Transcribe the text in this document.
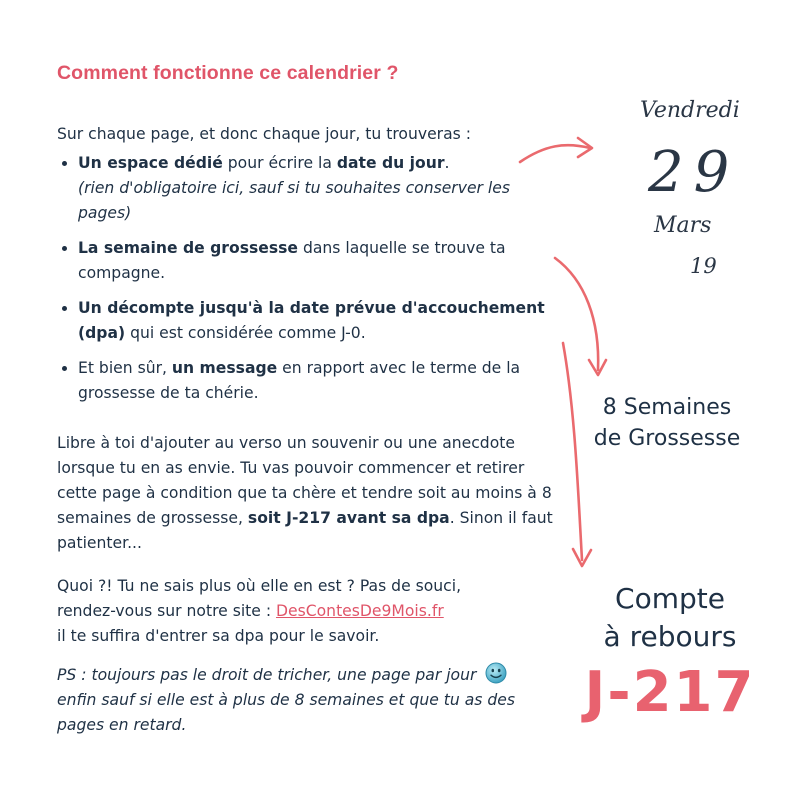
Comment fonctionne ce calendrier ?
Sur chaque page, et donc chaque jour, tu trouveras :
Un espace dédié pour écrire la date du jour.
(rien d'obligatoire ici, sauf si tu souhaites conserver les pages)
La semaine de grossesse dans laquelle se trouve ta compagne.
Un décompte jusqu'à la date prévue d'accouchement (dpa) qui est considérée comme J-0.
Et bien sûr, un message en rapport avec le terme de la grossesse de ta chérie.
Libre à toi d'ajouter au verso un souvenir ou une anecdote lorsque tu en as envie. Tu vas pouvoir commencer et retirer cette page à condition que ta chère et tendre soit au moins à 8 semaines de grossesse, soit J-217 avant sa dpa. Sinon il faut patienter...
Quoi ?! Tu ne sais plus où elle en est ? Pas de souci,
rendez-vous sur notre site : DesContesDe9Mois.fr
il te suffira d'entrer sa dpa pour le savoir.
PS : toujours pas le droit de tricher, une page par jour
enfin sauf si elle est à plus de 8 semaines et que tu as des pages en retard.
Vendredi
29
Mars
19
8 Semaines
de Grossesse
Compte
à rebours
J-217
